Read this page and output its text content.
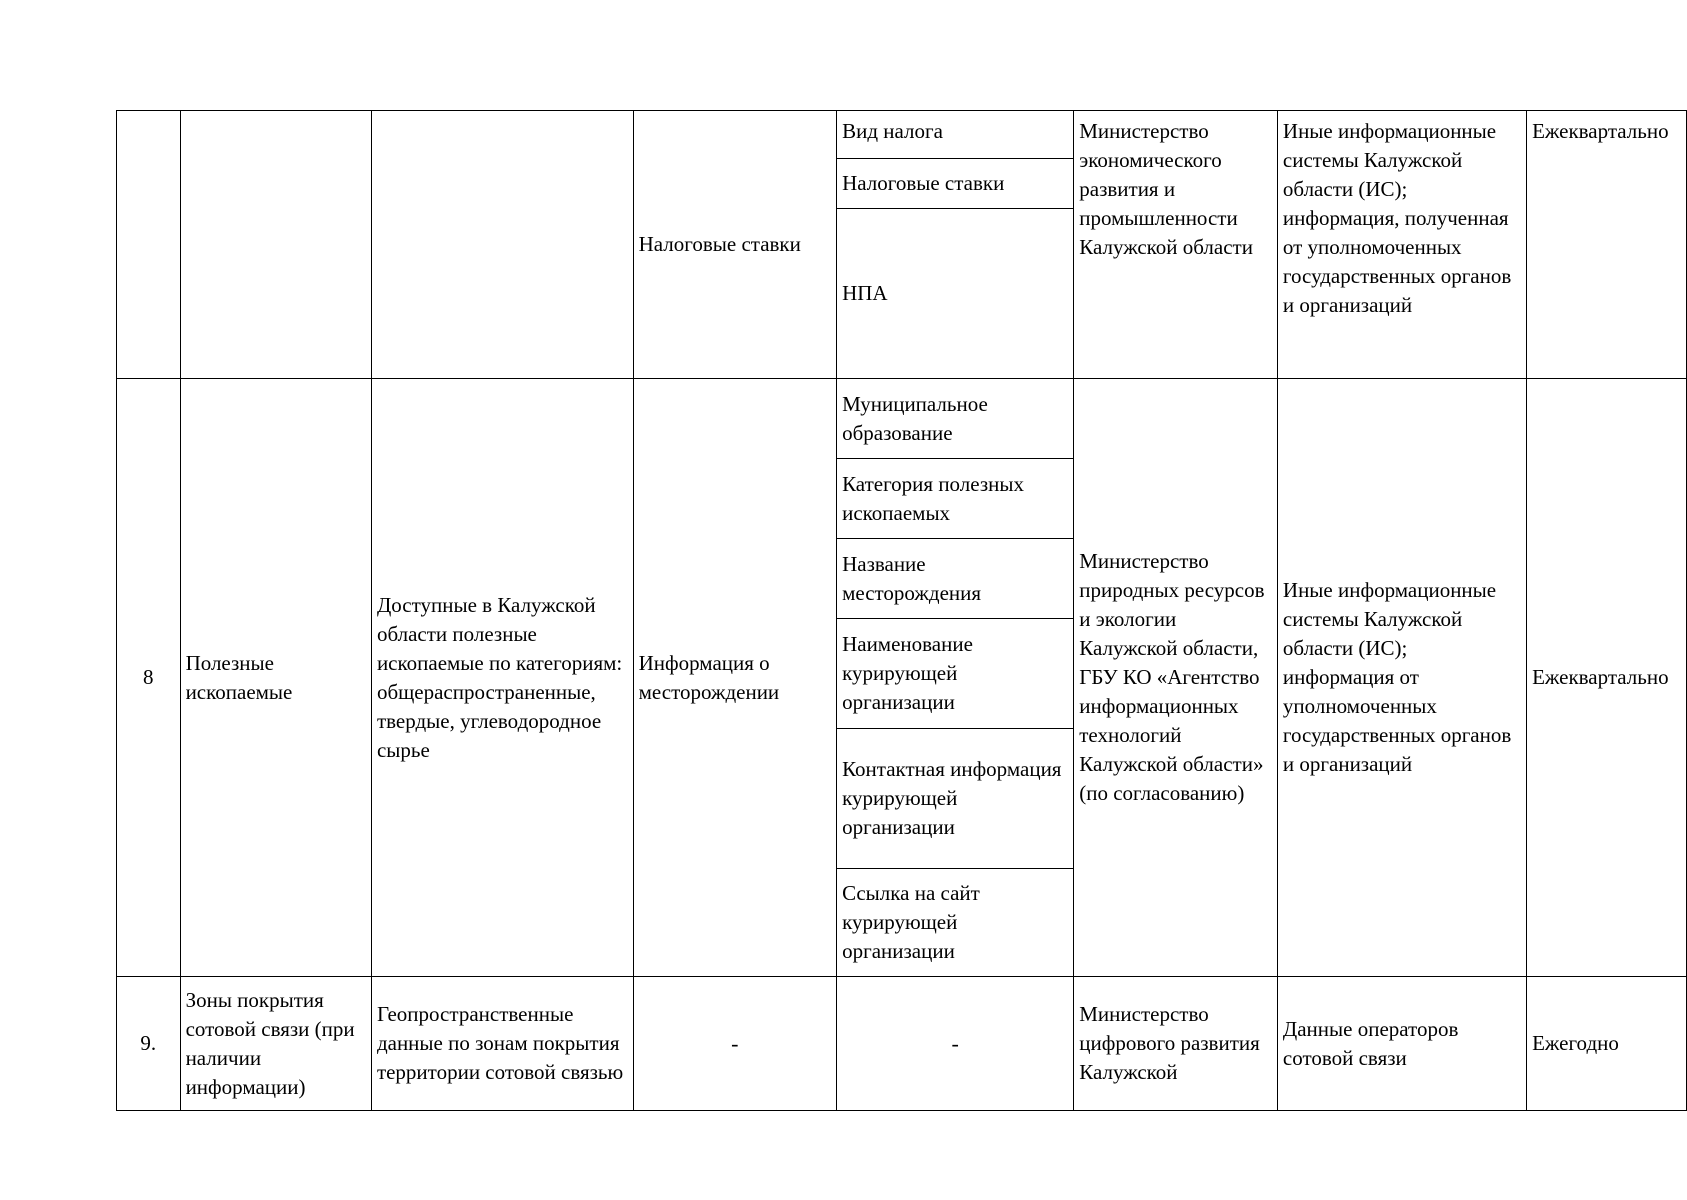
			Налоговые ставки	Вид налога	Министерство экономического развития и промышленности Калужской области	Иные информационные системы Калужской области (ИС); информация, полученная от уполномоченных государственных органов и организаций	Ежеквартально
				Налоговые ставки			
				НПА			
8	Полезные ископаемые	Доступные в Калужской области полезные ископаемые по категориям: общераспространенные, твердые, углеводородное сырье	Информация о месторождении	Муниципальное образование	Министерство природных ресурсов и экологии Калужской области, ГБУ КО «Агентство информационных технологий Калужской области» (по согласованию)	Иные информационные системы Калужской области (ИС); информация от уполномоченных государственных органов и организаций	Ежеквартально
				Категория полезных ископаемых			
				Название месторождения			
				Наименование курирующей организации			
				Контактная информация курирующей организации			
				Ссылка на сайт курирующей организации			
9.	Зоны покрытия сотовой связи (при наличии информации)	Геопространственные данные по зонам покрытия территории сотовой связью	-	-	Министерство цифрового развития Калужской	Данные операторов сотовой связи	Ежегодно
